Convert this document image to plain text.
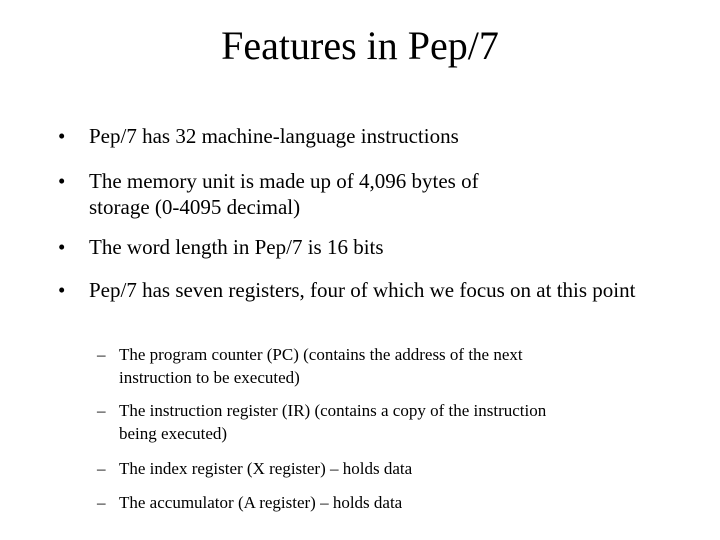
Features in Pep/7
•	Pep/7 has 32 machine-language instructions
•	The memory unit is made up of 4,096 bytes of storage (0-4095 decimal)
•	The word length in Pep/7 is 16 bits
•	Pep/7 has seven registers, four of which we focus on at this point
– The program counter (PC) (contains the address of the next instruction to be executed)
– The instruction register (IR) (contains a copy of the instruction being executed)
– The index register (X register) – holds data
– The accumulator (A register) – holds data
